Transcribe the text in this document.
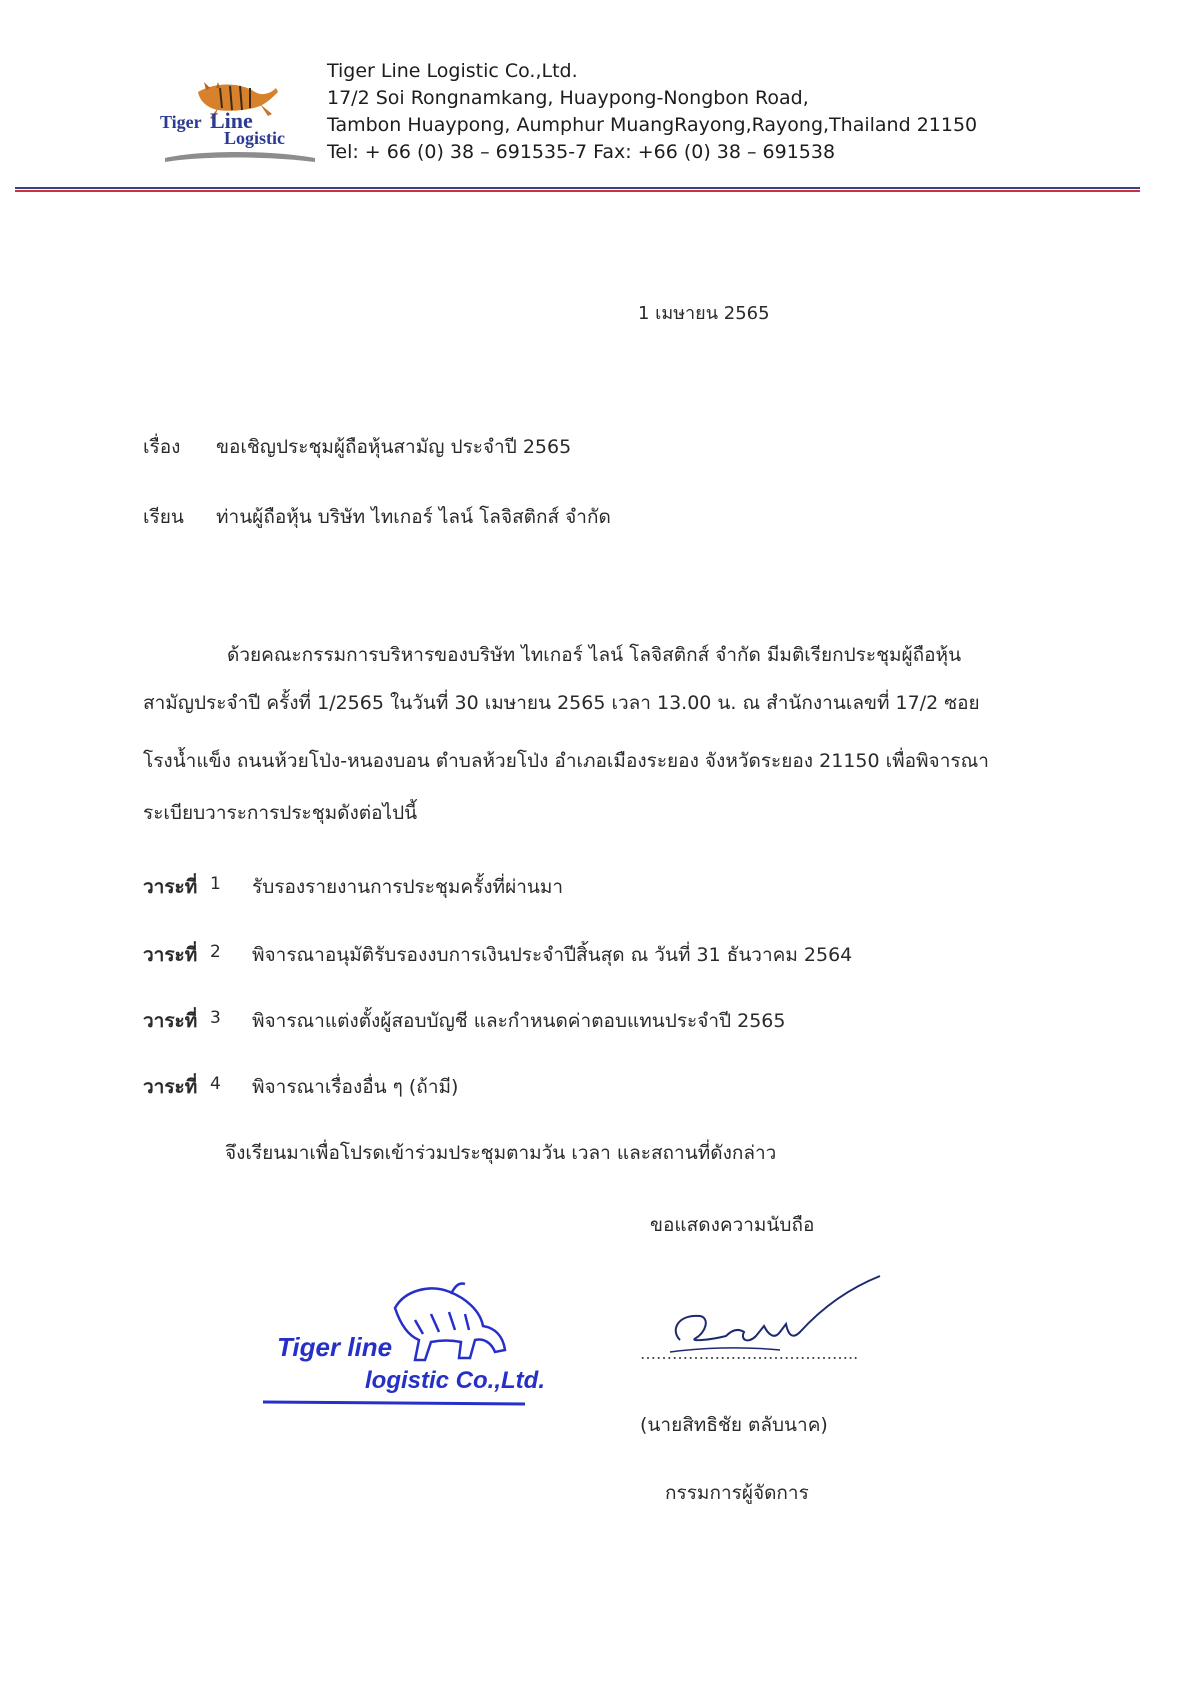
Tiger Line
Logistic
Tiger Line Logistic Co.,Ltd.
17/2 Soi Rongnamkang, Huaypong-Nongbon Road,
Tambon Huaypong, Aumphur MuangRayong,Rayong,Thailand 21150
Tel: + 66 (0) 38 – 691535-7 Fax: +66 (0) 38 – 691538
1 เมษายน 2565
เรื่อง ขอเชิญประชุมผู้ถือหุ้นสามัญ ประจำปี 2565
เรียน ท่านผู้ถือหุ้น บริษัท ไทเกอร์ ไลน์ โลจิสติกส์ จำกัด
ด้วยคณะกรรมการบริหารของบริษัท ไทเกอร์ ไลน์ โลจิสติกส์ จำกัด มีมติเรียกประชุมผู้ถือหุ้น
สามัญประจำปี ครั้งที่ 1/2565 ในวันที่ 30 เมษายน 2565 เวลา 13.00 น. ณ สำนักงานเลขที่ 17/2 ซอย
โรงน้ำแข็ง ถนนห้วยโป่ง-หนองบอน ตำบลห้วยโป่ง อำเภอเมืองระยอง จังหวัดระยอง 21150 เพื่อพิจารณา
ระเบียบวาระการประชุมดังต่อไปนี้
วาระที่ 1 รับรองรายงานการประชุมครั้งที่ผ่านมา
วาระที่ 2 พิจารณาอนุมัติรับรองงบการเงินประจำปีสิ้นสุด ณ วันที่ 31 ธันวาคม 2564
วาระที่ 3 พิจารณาแต่งตั้งผู้สอบบัญชี และกำหนดค่าตอบแทนประจำปี 2565
วาระที่ 4 พิจารณาเรื่องอื่น ๆ (ถ้ามี)
จึงเรียนมาเพื่อโปรดเข้าร่วมประชุมตามวัน เวลา และสถานที่ดังกล่าว
ขอแสดงความนับถือ
Tiger line
logistic Co.,Ltd.
…………………………………..
(นายสิทธิชัย ตลับนาค)
กรรมการผู้จัดการ
